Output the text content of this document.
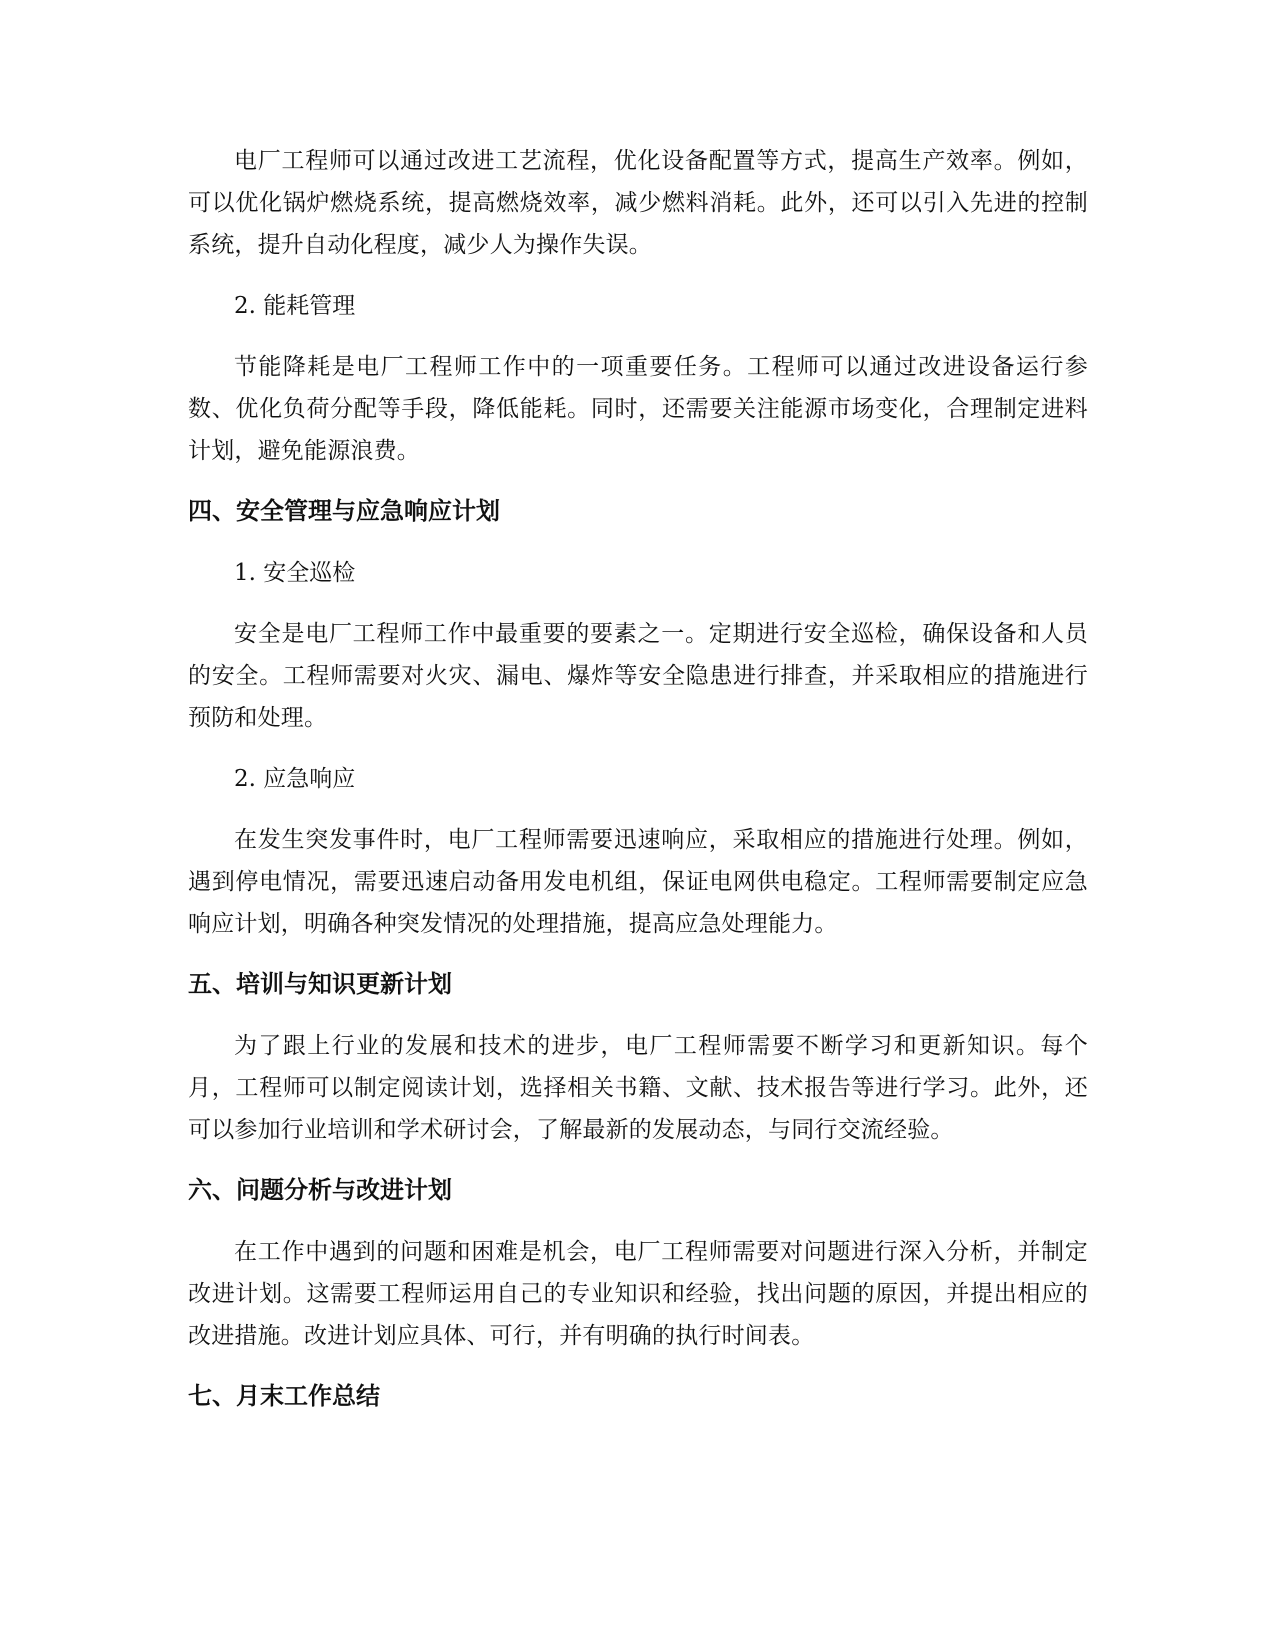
电厂工程师可以通过改进工艺流程，优化设备配置等方式，提高生产效率。例如，可以优化锅炉燃烧系统，提高燃烧效率，减少燃料消耗。此外，还可以引入先进的控制系统，提升自动化程度，减少人为操作失误。

2. 能耗管理

节能降耗是电厂工程师工作中的一项重要任务。工程师可以通过改进设备运行参数、优化负荷分配等手段，降低能耗。同时，还需要关注能源市场变化，合理制定进料计划，避免能源浪费。

四、安全管理与应急响应计划

1. 安全巡检

安全是电厂工程师工作中最重要的要素之一。定期进行安全巡检，确保设备和人员的安全。工程师需要对火灾、漏电、爆炸等安全隐患进行排查，并采取相应的措施进行预防和处理。

2. 应急响应

在发生突发事件时，电厂工程师需要迅速响应，采取相应的措施进行处理。例如，遇到停电情况，需要迅速启动备用发电机组，保证电网供电稳定。工程师需要制定应急响应计划，明确各种突发情况的处理措施，提高应急处理能力。

五、培训与知识更新计划

为了跟上行业的发展和技术的进步，电厂工程师需要不断学习和更新知识。每个月，工程师可以制定阅读计划，选择相关书籍、文献、技术报告等进行学习。此外，还可以参加行业培训和学术研讨会，了解最新的发展动态，与同行交流经验。

六、问题分析与改进计划

在工作中遇到的问题和困难是机会，电厂工程师需要对问题进行深入分析，并制定改进计划。这需要工程师运用自己的专业知识和经验，找出问题的原因，并提出相应的改进措施。改进计划应具体、可行，并有明确的执行时间表。

七、月末工作总结
